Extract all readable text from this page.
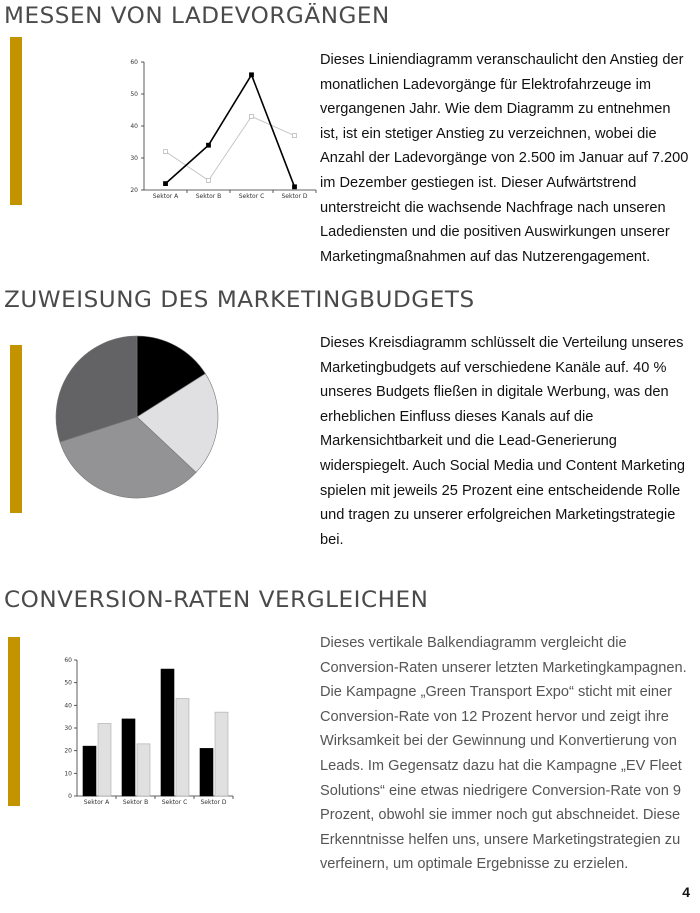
MESSEN VON LADEVORGÄNGEN
20
30
40
50
60
Sektor A	Sektor B	Sektor C	Sektor D

Dieses Liniendiagramm veranschaulicht den Anstieg der monatlichen Ladevorgänge für Elektrofahrzeuge im vergangenen Jahr. Wie dem Diagramm zu entnehmen ist, ist ein stetiger Anstieg zu verzeichnen, wobei die Anzahl der Ladevorgänge von 2.500 im Januar auf 7.200 im Dezember gestiegen ist. Dieser Aufwärtstrend unterstreicht die wachsende Nachfrage nach unseren Ladediensten und die positiven Auswirkungen unserer Marketingmaßnahmen auf das Nutzerengagement.

ZUWEISUNG DES MARKETINGBUDGETS

Dieses Kreisdiagramm schlüsselt die Verteilung unseres Marketingbudgets auf verschiedene Kanäle auf. 40 % unseres Budgets fließen in digitale Werbung, was den erheblichen Einfluss dieses Kanals auf die Markensichtbarkeit und die Lead-Generierung widerspiegelt. Auch Social Media und Content Marketing spielen mit jeweils 25 Prozent eine entscheidende Rolle und tragen zu unserer erfolgreichen Marketingstrategie bei.

CONVERSION-RATEN VERGLEICHEN
0
10
20
30
40
50
60
Sektor A Sektor B Sektor C Sektor D

Dieses vertikale Balkendiagramm vergleicht die Conversion-Raten unserer letzten Marketingkampagnen. Die Kampagne „Green Transport Expo“ sticht mit einer Conversion-Rate von 12 Prozent hervor und zeigt ihre Wirksamkeit bei der Gewinnung und Konvertierung von Leads. Im Gegensatz dazu hat die Kampagne „EV Fleet Solutions“ eine etwas niedrigere Conversion-Rate von 9 Prozent, obwohl sie immer noch gut abschneidet. Diese Erkenntnisse helfen uns, unsere Marketingstrategien zu verfeinern, um optimale Ergebnisse zu erzielen.

4
